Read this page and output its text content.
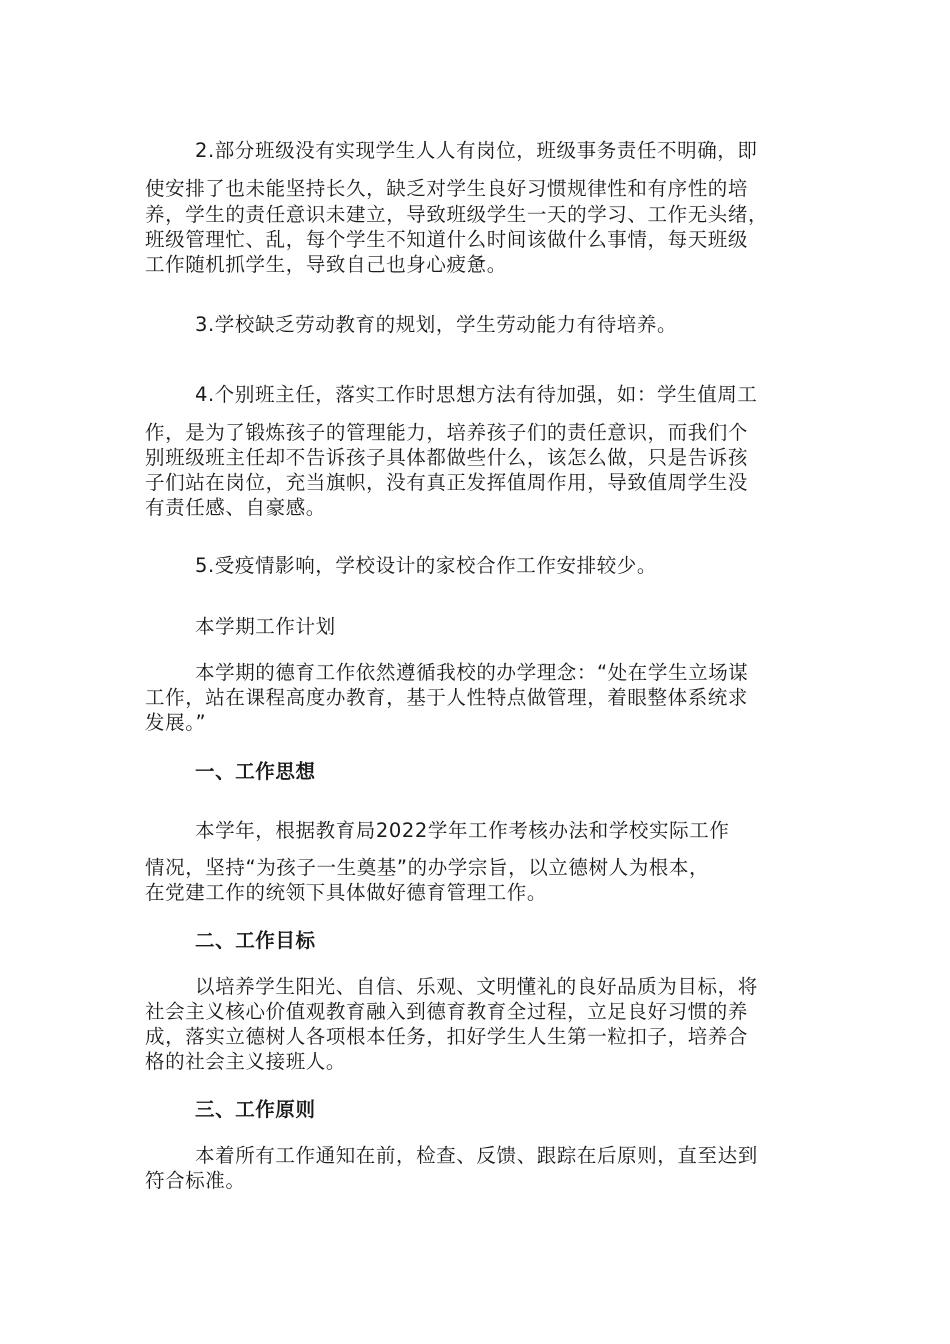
2.部分班级没有实现学生人人有岗位，班级事务责任不明确，即
使安排了也未能坚持长久，缺乏对学生良好习惯规律性和有序性的培
养，学生的责任意识未建立，导致班级学生一天的学习、工作无头绪，
班级管理忙、乱，每个学生不知道什么时间该做什么事情，每天班级
工作随机抓学生，导致自己也身心疲惫。
3.学校缺乏劳动教育的规划，学生劳动能力有待培养。
4.个别班主任，落实工作时思想方法有待加强，如：学生值周工
作，是为了锻炼孩子的管理能力，培养孩子们的责任意识，而我们个
别班级班主任却不告诉孩子具体都做些什么，该怎么做，只是告诉孩
子们站在岗位，充当旗帜，没有真正发挥值周作用，导致值周学生没
有责任感、自豪感。
5.受疫情影响，学校设计的家校合作工作安排较少。
本学期工作计划
本学期的德育工作依然遵循我校的办学理念：“处在学生立场谋
工作，站在课程高度办教育，基于人性特点做管理，着眼整体系统求
发展。”
一、工作思想
本学年，根据教育局2022学年工作考核办法和学校实际工作
情况，坚持“为孩子一生奠基”的办学宗旨，以立德树人为根本，
在党建工作的统领下具体做好德育管理工作。
二、工作目标
以培养学生阳光、自信、乐观、文明懂礼的良好品质为目标，将
社会主义核心价值观教育融入到德育教育全过程，立足良好习惯的养
成，落实立德树人各项根本任务，扣好学生人生第一粒扣子，培养合
格的社会主义接班人。
三、工作原则
本着所有工作通知在前，检查、反馈、跟踪在后原则，直至达到
符合标准。
